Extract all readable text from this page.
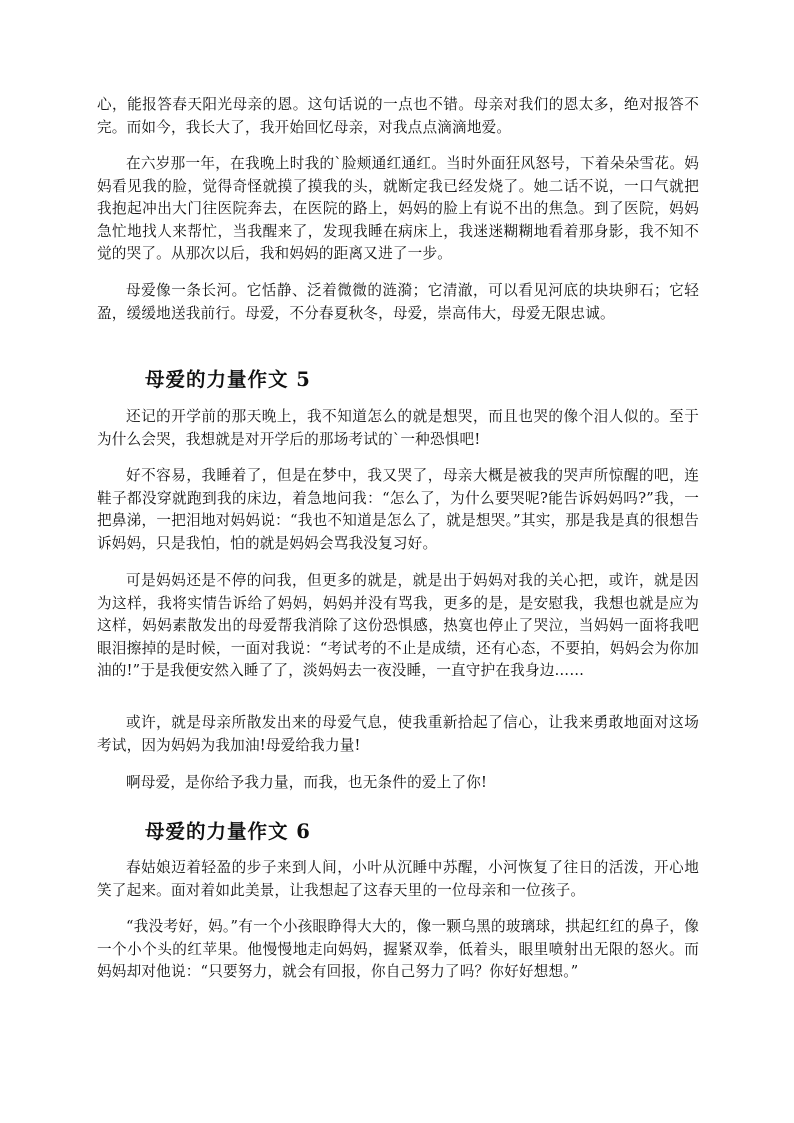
心，能报答春天阳光母亲的恩。这句话说的一点也不错。母亲对我们的恩太多，绝对报答不完。而如今，我长大了，我开始回忆母亲，对我点点滴滴地爱。

在六岁那一年，在我晚上时我的`脸颊通红通红。当时外面狂风怒号，下着朵朵雪花。妈妈看见我的脸，觉得奇怪就摸了摸我的头，就断定我已经发烧了。她二话不说，一口气就把我抱起冲出大门往医院奔去，在医院的路上，妈妈的脸上有说不出的焦急。到了医院，妈妈急忙地找人来帮忙，当我醒来了，发现我睡在病床上，我迷迷糊糊地看着那身影，我不知不觉的哭了。从那次以后，我和妈妈的距离又进了一步。

母爱像一条长河。它恬静、泛着微微的涟漪；它清澈，可以看见河底的块块卵石；它轻盈，缓缓地送我前行。母爱，不分春夏秋冬，母爱，崇高伟大，母爱无限忠诚。

母爱的力量作文 5

还记的开学前的那天晚上，我不知道怎么的就是想哭，而且也哭的像个泪人似的。至于为什么会哭，我想就是对开学后的那场考试的`一种恐惧吧!

好不容易，我睡着了，但是在梦中，我又哭了，母亲大概是被我的哭声所惊醒的吧，连鞋子都没穿就跑到我的床边，着急地问我：“怎么了，为什么要哭呢?能告诉妈妈吗?”我，一把鼻涕，一把泪地对妈妈说：“我也不知道是怎么了，就是想哭。”其实，那是我是真的很想告诉妈妈，只是我怕，怕的就是妈妈会骂我没复习好。

可是妈妈还是不停的问我，但更多的就是，就是出于妈妈对我的关心把，或许，就是因为这样，我将实情告诉给了妈妈，妈妈并没有骂我，更多的是，是安慰我，我想也就是应为这样，妈妈素散发出的母爱帮我消除了这份恐惧感，热寞也停止了哭泣，当妈妈一面将我吧眼泪擦掉的是时候，一面对我说：“考试考的不止是成绩，还有心态，不要拍，妈妈会为你加油的!”于是我便安然入睡了了，淡妈妈去一夜没睡，一直守护在我身边……

或许，就是母亲所散发出来的母爱气息，使我重新拾起了信心，让我来勇敢地面对这场考试，因为妈妈为我加油!母爱给我力量!

啊母爱，是你给予我力量，而我，也无条件的爱上了你!

母爱的力量作文 6

春姑娘迈着轻盈的步子来到人间，小叶从沉睡中苏醒，小河恢复了往日的活泼，开心地笑了起来。面对着如此美景，让我想起了这春天里的一位母亲和一位孩子。

“我没考好，妈。”有一个小孩眼睁得大大的，像一颗乌黑的玻璃球，拱起红红的鼻子，像一个小个头的红苹果。他慢慢地走向妈妈，握紧双拳，低着头，眼里喷射出无限的怒火。而妈妈却对他说：“只要努力，就会有回报，你自己努力了吗？你好好想想。”
